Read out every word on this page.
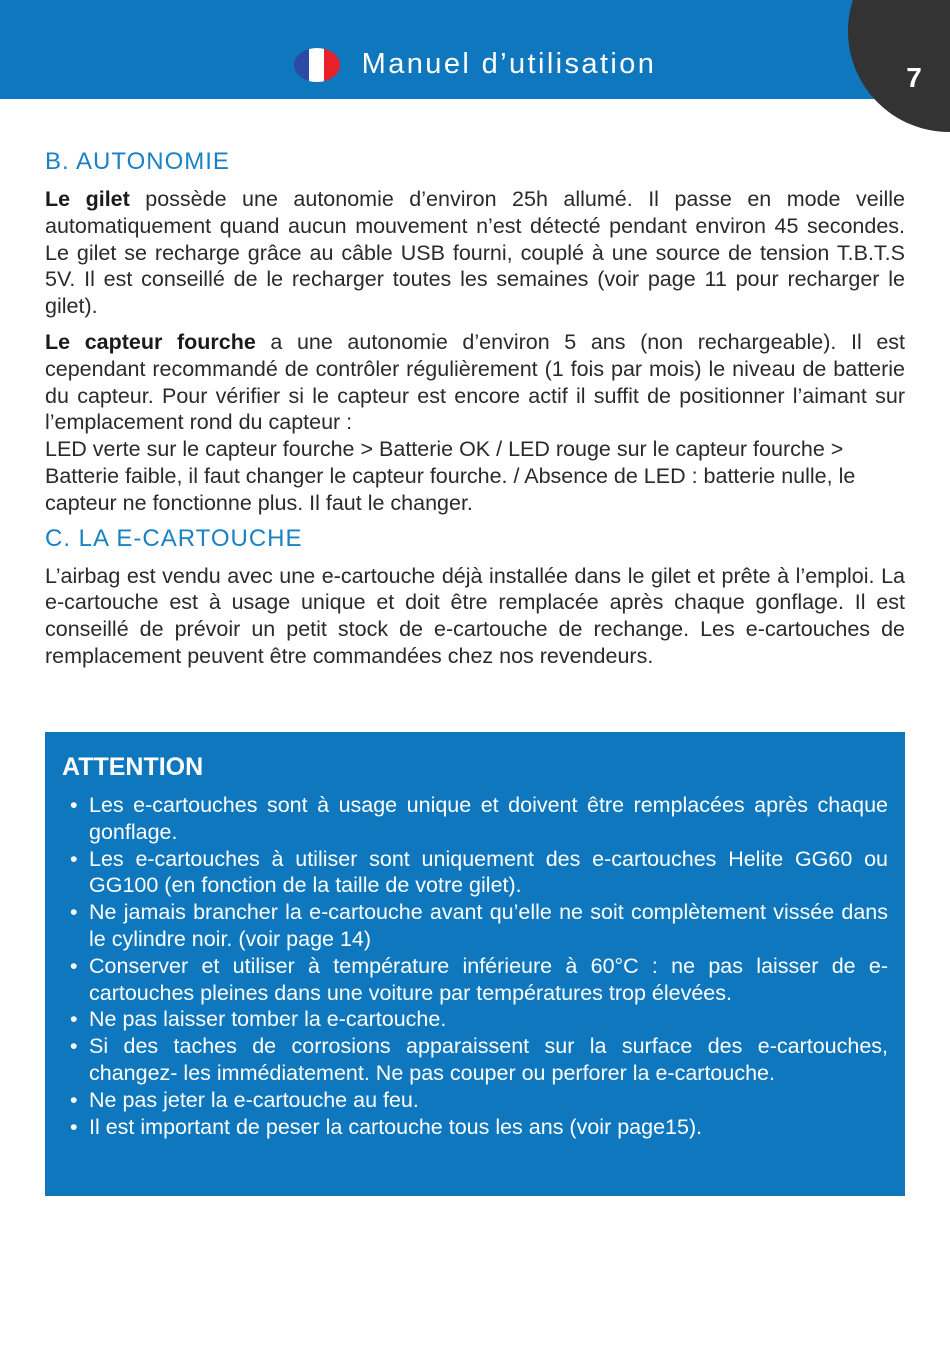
Manuel d’utilisation	7
B. AUTONOMIE

Le gilet possède une autonomie d’environ 25h allumé. Il passe en mode veille automatiquement quand aucun mouvement n’est détecté pendant environ 45 secondes. Le gilet se recharge grâce au câble USB fourni, couplé à une source de tension T.B.T.S 5V. Il est conseillé de le recharger toutes les semaines (voir page 11 pour recharger le gilet).

Le capteur fourche a une autonomie d’environ 5 ans (non rechargeable). Il est cependant recommandé de contrôler régulièrement (1 fois par mois) le niveau de batterie du capteur. Pour vérifier si le capteur est encore actif il suffit de positionner l’aimant sur l’emplacement rond du capteur :

LED verte sur le capteur fourche > Batterie OK / LED rouge sur le capteur fourche > Batterie faible, il faut changer le capteur fourche. / Absence de LED : batterie nulle, le capteur ne fonctionne plus. Il faut le changer.

C. LA E-CARTOUCHE

L’airbag est vendu avec une e-cartouche déjà installée dans le gilet et prête à l’emploi. La e-cartouche est à usage unique et doit être remplacée après chaque gonflage. Il est conseillé de prévoir un petit stock de e-cartouche de rechange. Les e-cartouches de remplacement peuvent être commandées chez nos revendeurs.

ATTENTION
• Les e-cartouches sont à usage unique et doivent être remplacées après chaque gonflage.
• Les e-cartouches à utiliser sont uniquement des e-cartouches Helite GG60 ou GG100 (en fonction de la taille de votre gilet).
• Ne jamais brancher la e-cartouche avant qu’elle ne soit complètement vissée dans le cylindre noir. (voir page 14)
• Conserver et utiliser à température inférieure à 60°C : ne pas laisser de e-cartouches pleines dans une voiture par températures trop élevées.
• Ne pas laisser tomber la e-cartouche.
• Si des taches de corrosions apparaissent sur la surface des e-cartouches, changez- les immédiatement. Ne pas couper ou perforer la e-cartouche.
• Ne pas jeter la e-cartouche au feu.
• Il est important de peser la cartouche tous les ans (voir page15).
